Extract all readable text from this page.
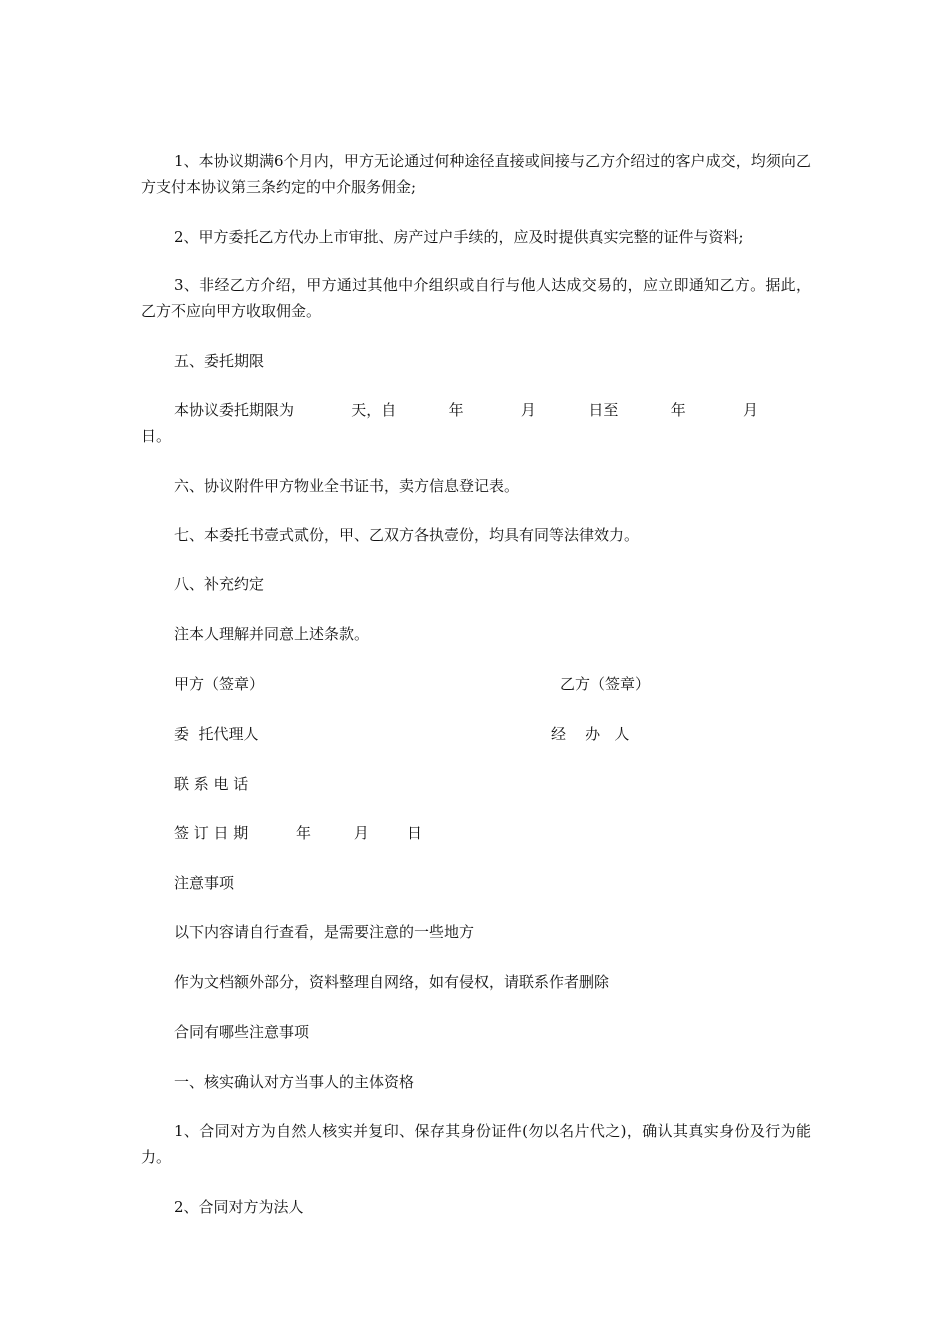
1、本协议期满6个月内，甲方无论通过何种途径直接或间接与乙方介绍过的客户成交，均须向乙方支付本协议第三条约定的中介服务佣金;
2、甲方委托乙方代办上市审批、房产过户手续的，应及时提供真实完整的证件与资料;
3、非经乙方介绍，甲方通过其他中介组织或自行与他人达成交易的，应立即通知乙方。据此，乙方不应向甲方收取佣金。
五、委托期限
本协议委托期限为            天，自           年            月           日至           年            月
日。
六、协议附件甲方物业全书证书，卖方信息登记表。
七、本委托书壹式贰份，甲、乙双方各执壹份，均具有同等法律效力。
八、补充约定
注本人理解并同意上述条款。
甲方（签章）	乙方（签章）
委  托代理人	经    办   人
联 系 电 话
签 订 日 期          年         月        日
注意事项
以下内容请自行查看，是需要注意的一些地方
作为文档额外部分，资料整理自网络，如有侵权，请联系作者删除
合同有哪些注意事项
一、核实确认对方当事人的主体资格
1、合同对方为自然人核实并复印、保存其身份证件(勿以名片代之)，确认其真实身份及行为能力。
2、合同对方为法人
